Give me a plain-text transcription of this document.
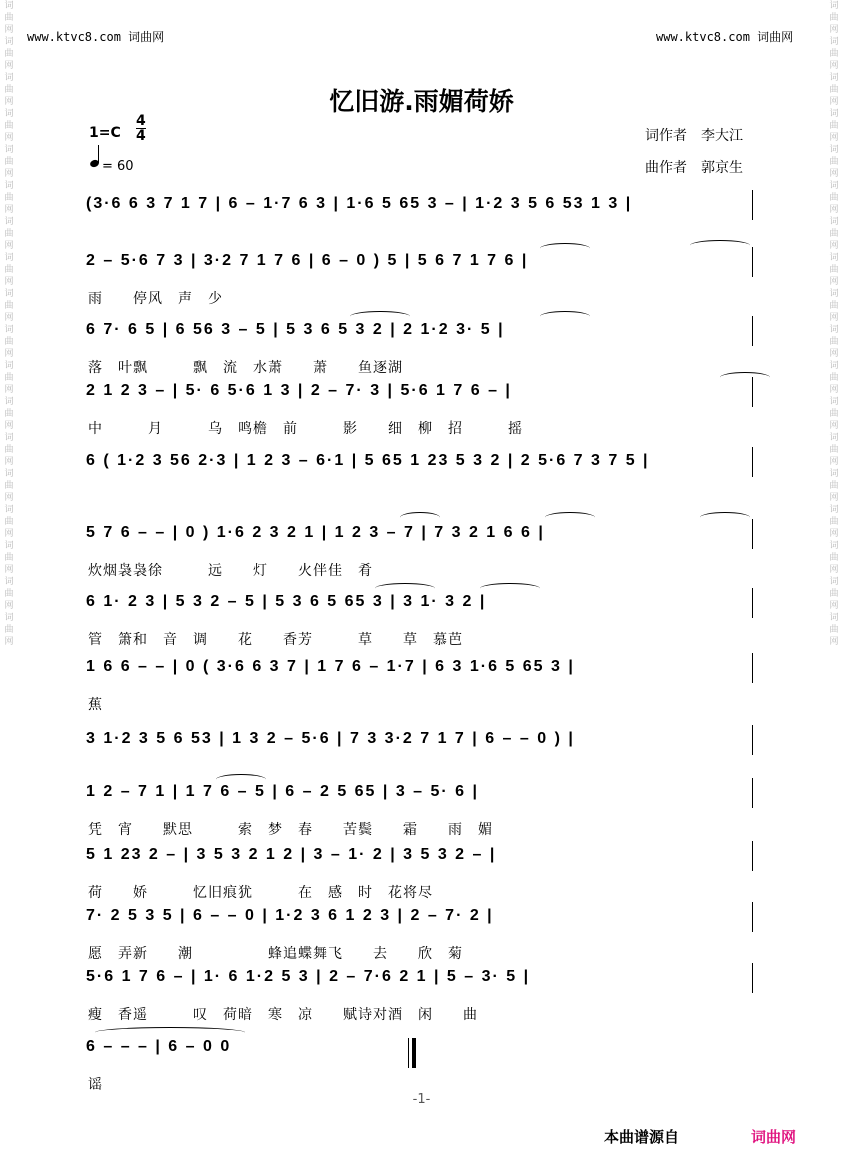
词曲网词曲网词曲网词曲网词曲网词曲网词曲网词曲网词曲网词曲网词曲网词曲网词曲网词曲网词曲网词曲网词曲网词曲网
词曲网词曲网词曲网词曲网词曲网词曲网词曲网词曲网词曲网词曲网词曲网词曲网词曲网词曲网词曲网词曲网词曲网词曲网
www.ktvc8.com 词曲网	www.ktvc8.com 词曲网
忆旧游.雨媚荷娇
1=C
4
4
= 60
词作者　李大江
曲作者　郭京生
(3·6 6 3 7 1 7 | 6 – 1·7 6 3 | 1·6 5 65 3 – | 1·2 3 5 6 53 1 3 |
2 – 5·6 7 3 | 3·2 7 1 7 6 | 6 – 0 ) 5 | 5 6 7 1 7 6 |
雨　　停风　声　少
6 7· 6 5 | 6 56 3 – 5 | 5 3 6 5 3 2 | 2 1·2 3· 5 |
落　叶飘　　　飘　流　水萧　　萧　　鱼逐湖
2 1 2 3 – | 5· 6 5·6 1 3 | 2 – 7· 3 | 5·6 1 7 6 – |
中　　　月　　　乌　鸣檐　前　　　影　　细　柳　招　　　摇
6 ( 1·2 3 56 2·3 | 1 2 3 – 6·1 | 5 65 1 23 5 3 2 | 2 5·6 7 3 7 5 |
5 7 6 – – | 0 ) 1·6 2 3 2 1 | 1 2 3 – 7 | 7 3 2 1 6 6 |
炊烟袅袅徐　　　远　　灯　　火伴佳　肴
6 1· 2 3 | 5 3 2 – 5 | 5 3 6 5 65 3 | 3 1· 3 2 |
管　箫和　音　调　　花　　香芳　　　草　　草　慕芭
1 6 6 – – | 0 ( 3·6 6 3 7 | 1 7 6 – 1·7 | 6 3 1·6 5 65 3 |
蕉
3 1·2 3 5 6 53 | 1 3 2 – 5·6 | 7 3 3·2 7 1 7 | 6 – – 0 ) |
1 2 – 7 1 | 1 7 6 – 5 | 6 – 2 5 65 | 3 – 5· 6 |
凭　宵　　默思　　　索　梦　春　　苦鬓　　霜　　雨　媚
5 1 23 2 – | 3 5 3 2 1 2 | 3 – 1· 2 | 3 5 3 2 – |
荷　　娇　　　忆旧痕犹　　　在　感　时　花将尽
7· 2 5 3 5 | 6 – – 0 | 1·2 3 6 1 2 3 | 2 – 7· 2 |
愿　弄新　　潮　　　　　蜂追蝶舞飞　　去　　欣　菊
5·6 1 7 6 – | 1· 6 1·2 5 3 | 2 – 7·6 2 1 | 5 – 3· 5 |
瘦　香遥　　　叹　荷暗　寒　凉　　赋诗对酒　闲　　曲
6 – – – | 6 – 0 0
谣
-1-
本曲谱源自	词曲网
